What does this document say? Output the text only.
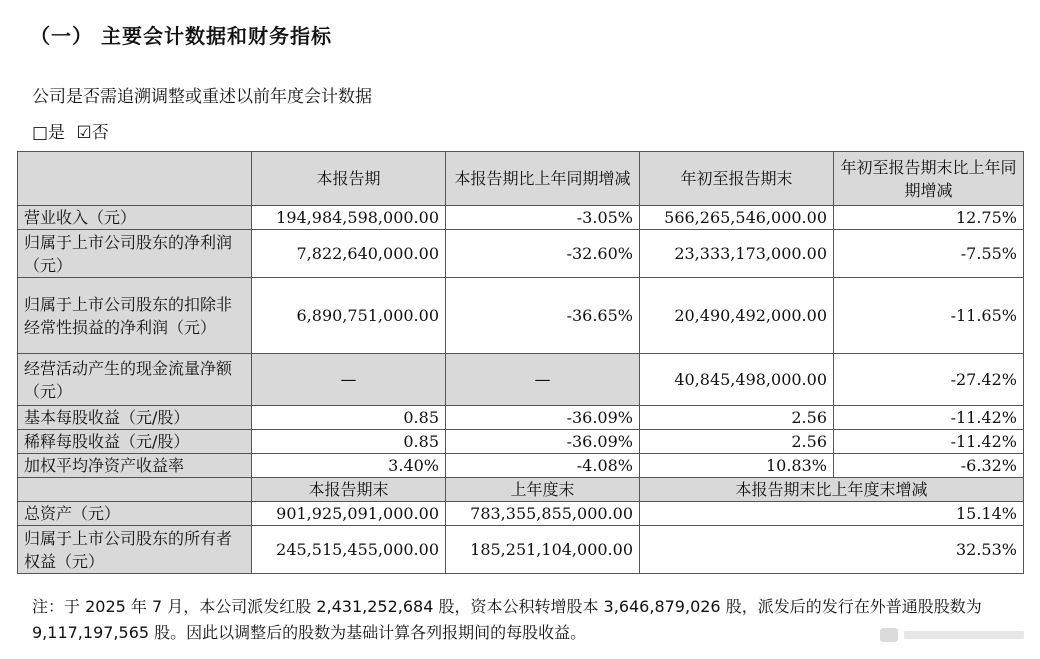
（一） 主要会计数据和财务指标
公司是否需追溯调整或重述以前年度会计数据
□是 ☑否
	本报告期	本报告期比上年同期增减	年初至报告期末	年初至报告期末比上年同期增减
营业收入（元）	194,984,598,000.00	-3.05%	566,265,546,000.00	12.75%
归属于上市公司股东的净利润（元）	7,822,640,000.00	-32.60%	23,333,173,000.00	-7.55%
归属于上市公司股东的扣除非经常性损益的净利润（元）	6,890,751,000.00	-36.65%	20,490,492,000.00	-11.65%
经营活动产生的现金流量净额（元）	—	—	40,845,498,000.00	-27.42%
基本每股收益（元/股）	0.85	-36.09%	2.56	-11.42%
稀释每股收益（元/股）	0.85	-36.09%	2.56	-11.42%
加权平均净资产收益率	3.40%	-4.08%	10.83%	-6.32%
	本报告期末	上年度末	本报告期末比上年度末增减	
总资产（元）	901,925,091,000.00	783,355,855,000.00	15.14%	
归属于上市公司股东的所有者权益（元）	245,515,455,000.00	185,251,104,000.00	32.53%	
注：于 2025 年 7 月，本公司派发红股 2,431,252,684 股，资本公积转增股本 3,646,879,026 股，派发后的发行在外普通股股数为 9,117,197,565 股。因此以调整后的股数为基础计算各列报期间的每股收益。
